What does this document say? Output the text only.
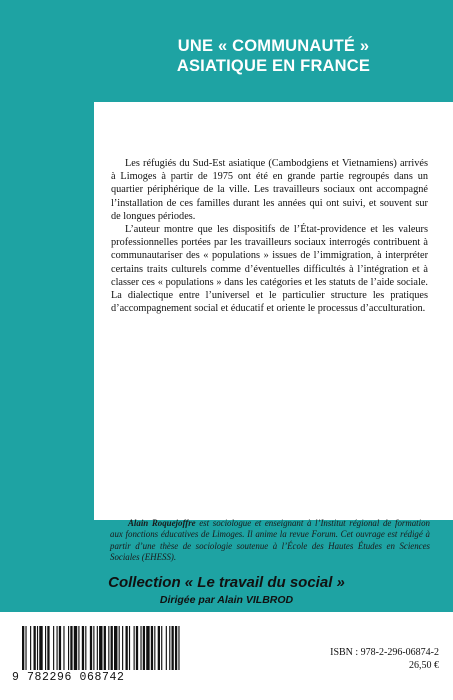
UNE « COMMUNAUTÉ »
ASIATIQUE EN FRANCE

Les réfugiés du Sud-Est asiatique (Cambodgiens et Vietnamiens) arrivés à Limoges à partir de 1975 ont été en grande partie regroupés dans un quartier périphérique de la ville. Les travailleurs sociaux ont accompagné l’installation de ces familles durant les années qui ont suivi, et souvent sur de longues périodes.

L’auteur montre que les dispositifs de l’État-providence et les valeurs professionnelles portées par les travailleurs sociaux interrogés contribuent à communautariser des « populations » issues de l’immigration, à interpréter certains traits culturels comme d’éventuelles difficultés à l’intégration et à classer ces « populations » dans les catégories et les statuts de l’aide sociale. La dialectique entre l’universel et le particulier structure les pratiques d’accompagnement social et éducatif et oriente le processus d’acculturation.

Alain Roquejoffre est sociologue et enseignant à l’Institut régional de formation aux fonctions éducatives de Limoges. Il anime la revue Forum. Cet ouvrage est rédigé à partir d’une thèse de sociologie soutenue à l’École des Hautes Études en Sciences Sociales (EHESS).

Collection « Le travail du social »
Dirigée par Alain VILBROD
9 782296 068742
ISBN : 978-2-296-06874-2
26,50 €
